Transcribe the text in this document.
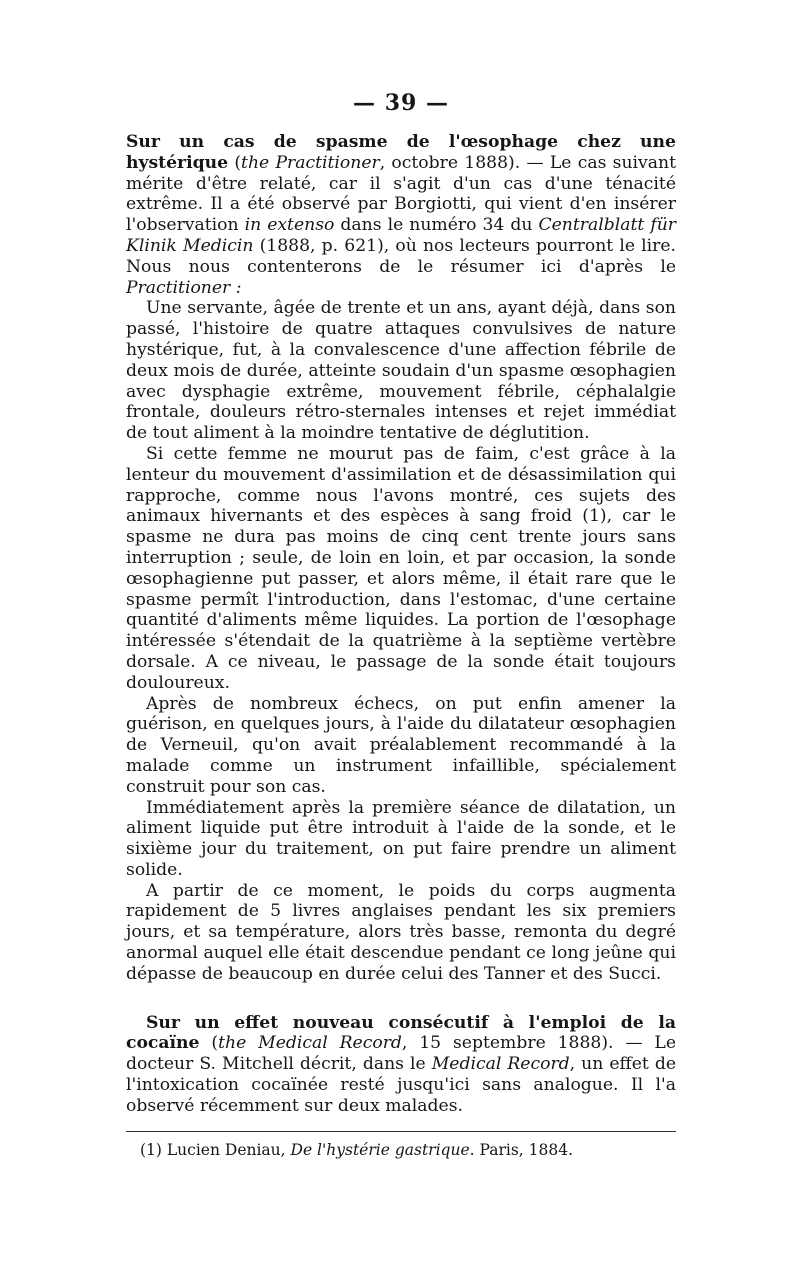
— 39 —

Sur un cas de spasme de l'œsophage chez une hystérique (the Practitioner, octobre 1888). — Le cas suivant mérite d'être relaté, car il s'agit d'un cas d'une ténacité extrême. Il a été observé par Borgiotti, qui vient d'en insérer l'observation in extenso dans le numéro 34 du Centralblatt für Klinik Medicin (1888, p. 621), où nos lecteurs pourront le lire. Nous nous contenterons de le résumer ici d'après le Practitioner :

Une servante, âgée de trente et un ans, ayant déjà, dans son passé, l'histoire de quatre attaques convulsives de nature hystérique, fut, à la convalescence d'une affection fébrile de deux mois de durée, atteinte soudain d'un spasme œsophagien avec dysphagie extrême, mouvement fébrile, céphalalgie frontale, douleurs rétro-sternales intenses et rejet immédiat de tout aliment à la moindre tentative de déglutition.

Si cette femme ne mourut pas de faim, c'est grâce à la lenteur du mouvement d'assimilation et de désassimilation qui rapproche, comme nous l'avons montré, ces sujets des animaux hivernants et des espèces à sang froid (1), car le spasme ne dura pas moins de cinq cent trente jours sans interruption ; seule, de loin en loin, et par occasion, la sonde œsophagienne put passer, et alors même, il était rare que le spasme permît l'introduction, dans l'estomac, d'une certaine quantité d'aliments même liquides. La portion de l'œsophage intéressée s'étendait de la quatrième à la septième vertèbre dorsale. A ce niveau, le passage de la sonde était toujours douloureux.

Après de nombreux échecs, on put enfin amener la guérison, en quelques jours, à l'aide du dilatateur œsophagien de Verneuil, qu'on avait préalablement recommandé à la malade comme un instrument infaillible, spécialement construit pour son cas.

Immédiatement après la première séance de dilatation, un aliment liquide put être introduit à l'aide de la sonde, et le sixième jour du traitement, on put faire prendre un aliment solide.

A partir de ce moment, le poids du corps augmenta rapidement de 5 livres anglaises pendant les six premiers jours, et sa température, alors très basse, remonta du degré anormal auquel elle était descendue pendant ce long jeûne qui dépasse de beaucoup en durée celui des Tanner et des Succi.

Sur un effet nouveau consécutif à l'emploi de la cocaïne (the Medical Record, 15 septembre 1888). — Le docteur S. Mitchell décrit, dans le Medical Record, un effet de l'intoxication cocaïnée resté jusqu'ici sans analogue. Il l'a observé récemment sur deux malades.

(1) Lucien Deniau, De l'hystérie gastrique. Paris, 1884.
